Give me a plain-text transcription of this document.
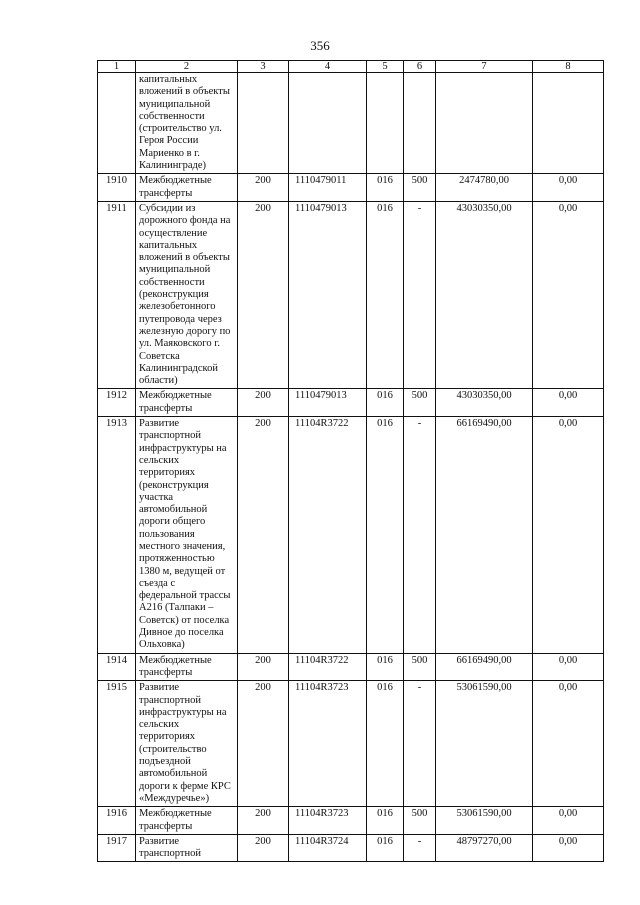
356
1	2	3	4	5	6	7	8
	капитальных вложений в объекты муниципальной собственности (строительство ул. Героя России Мариенко в г. Калининграде)						
1910	Межбюджетные трансферты	200	1110479011	016	500	2474780,00	0,00
1911	Субсидии из дорожного фонда на осуществление капитальных вложений в объекты муниципальной собственности (реконструкция железобетонного путепровода через железную дорогу по ул. Маяковского г. Советска Калининградской области)	200	1110479013	016	-	43030350,00	0,00
1912	Межбюджетные трансферты	200	1110479013	016	500	43030350,00	0,00
1913	Развитие транспортной инфраструктуры на сельских территориях (реконструкция участка автомобильной дороги общего пользования местного значения, протяженностью 1380 м, ведущей от съезда с федеральной трассы А216 (Талпаки – Советск) от поселка Дивное до поселка Ольховка)	200	11104R3722	016	-	66169490,00	0,00
1914	Межбюджетные трансферты	200	11104R3722	016	500	66169490,00	0,00
1915	Развитие транспортной инфраструктуры на сельских территориях (строительство подъездной автомобильной дороги к ферме КРС «Междуречье»)	200	11104R3723	016	-	53061590,00	0,00
1916	Межбюджетные трансферты	200	11104R3723	016	500	53061590,00	0,00
1917	Развитие транспортной	200	11104R3724	016	-	48797270,00	0,00
